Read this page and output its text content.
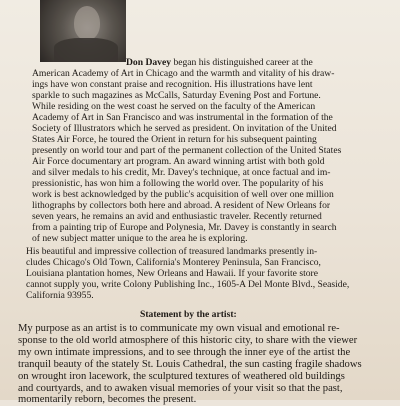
Don Davey began his distinguished career at the
American Academy of Art in Chicago and the warmth and vitality of his draw-
ings have won constant praise and recognition. His illustrations have lent
sparkle to such magazines as McCalls, Saturday Evening Post and Fortune.
While residing on the west coast he served on the faculty of the American
Academy of Art in San Francisco and was instrumental in the formation of the
Society of Illustrators which he served as president. On invitation of the United
States Air Force, he toured the Orient in return for his subsequent painting
presently on world tour and part of the permanent collection of the United States
Air Force documentary art program. An award winning artist with both gold
and silver medals to his credit, Mr. Davey's technique, at once factual and im-
pressionistic, has won him a following the world over. The popularity of his
work is best acknowledged by the public's acquisition of well over one million
lithographs by collectors both here and abroad. A resident of New Orleans for
seven years, he remains an avid and enthusiastic traveler. Recently returned
from a painting trip of Europe and Polynesia, Mr. Davey is constantly in search
of new subject matter unique to the area he is exploring.
His beautiful and impressive collection of treasured landmarks presently in-
cludes Chicago's Old Town, California's Monterey Peninsula, San Francisco,
Louisiana plantation homes, New Orleans and Hawaii. If your favorite store
cannot supply you, write Colony Publishing Inc., 1605-A Del Monte Blvd., Seaside,
California 93955.
Statement by the artist:
My purpose as an artist is to communicate my own visual and emotional re-
sponse to the old world atmosphere of this historic city, to share with the viewer
my own intimate impressions, and to see through the inner eye of the artist the
tranquil beauty of the stately St. Louis Cathedral, the sun casting fragile shadows
on wrought iron lacework, the sculptured textures of weathered old buildings
and courtyards, and to awaken visual memories of your visit so that the past,
momentarily reborn, becomes the present.
